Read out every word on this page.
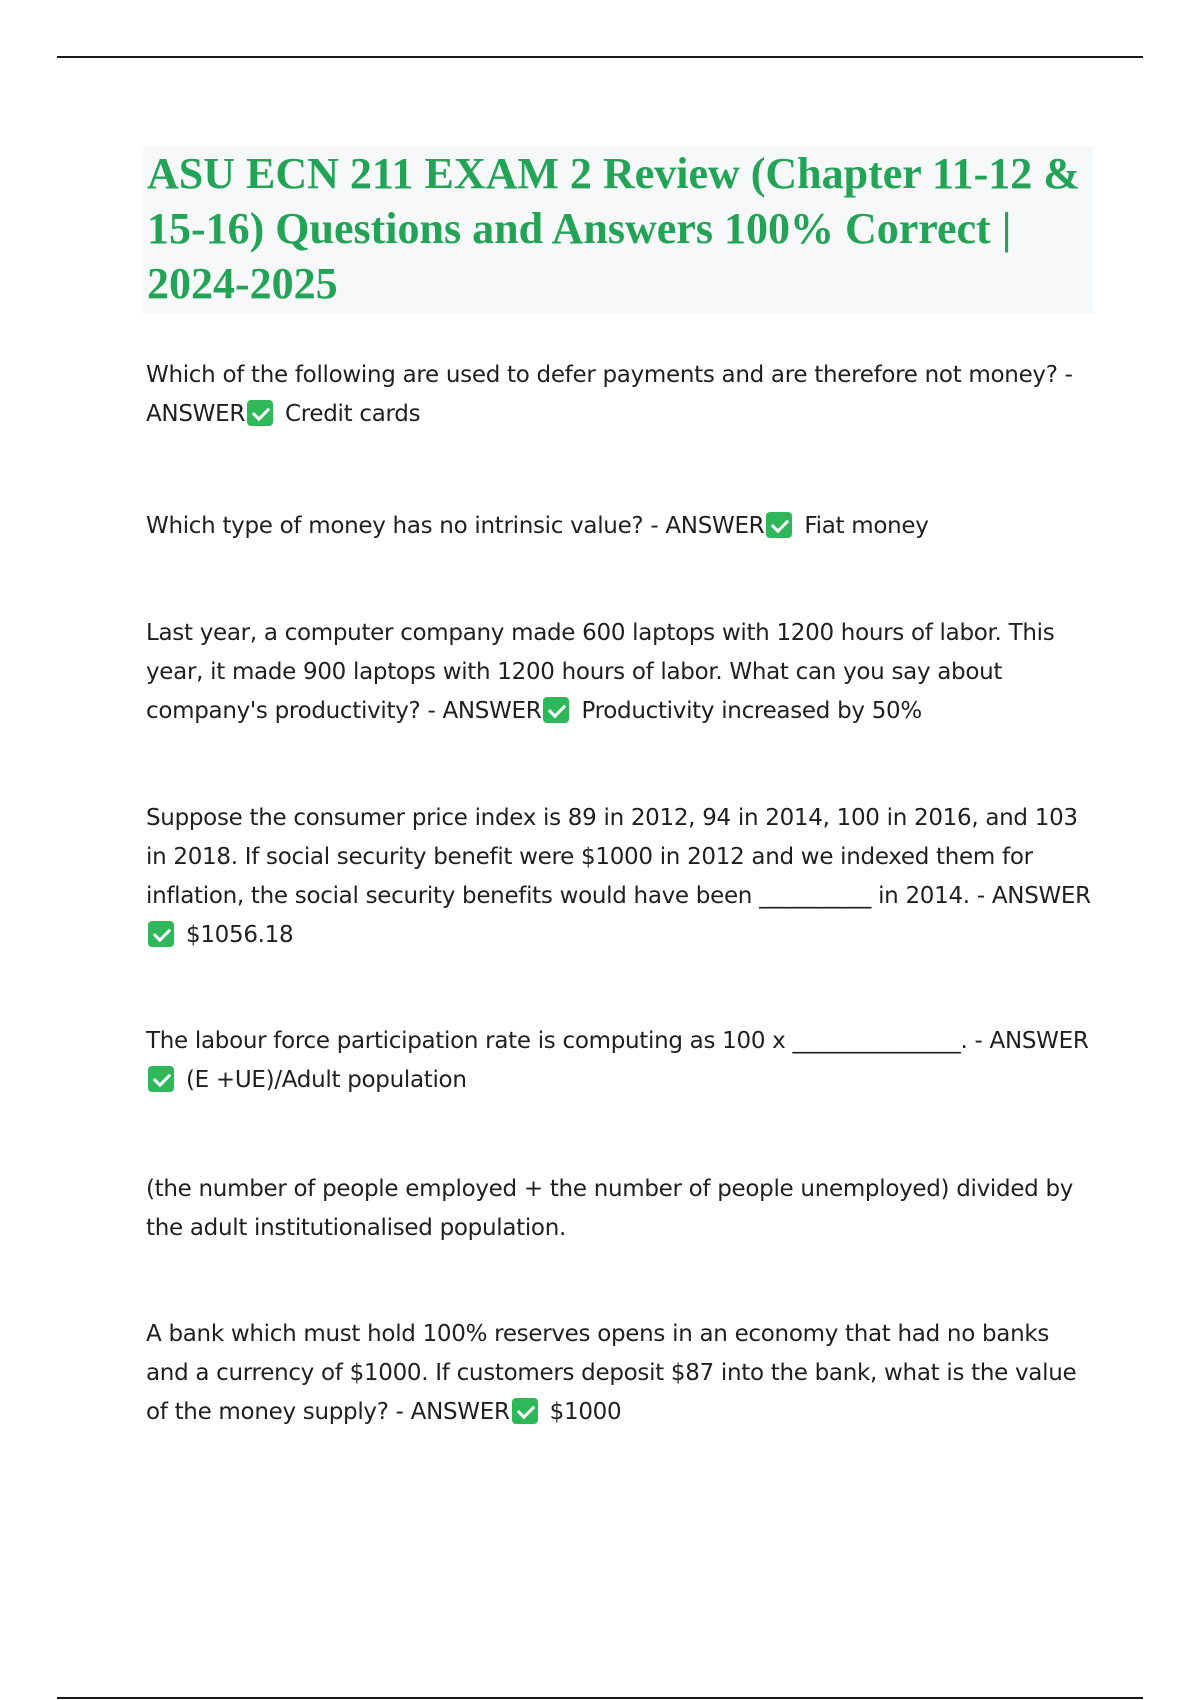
ASU ECN 211 EXAM 2 Review (Chapter 11-12 & 15-16) Questions and Answers 100% Correct | 2024-2025

Which of the following are used to defer payments and are therefore not money? - ANSWER Credit cards

Which type of money has no intrinsic value? - ANSWER Fiat money

Last year, a computer company made 600 laptops with 1200 hours of labor. This year, it made 900 laptops with 1200 hours of labor. What can you say about company's productivity? - ANSWER Productivity increased by 50%

Suppose the consumer price index is 89 in 2012, 94 in 2014, 100 in 2016, and 103 in 2018. If social security benefit were $1000 in 2012 and we indexed them for inflation, the social security benefits would have been __________ in 2014. - ANSWER$1056.18

The labour force participation rate is computing as 100 x _______________. - ANSWER(E +UE)/Adult population

(the number of people employed + the number of people unemployed) divided by the adult institutionalised population.

A bank which must hold 100% reserves opens in an economy that had no banks and a currency of $1000. If customers deposit $87 into the bank, what is the value of the money supply? - ANSWER $1000
